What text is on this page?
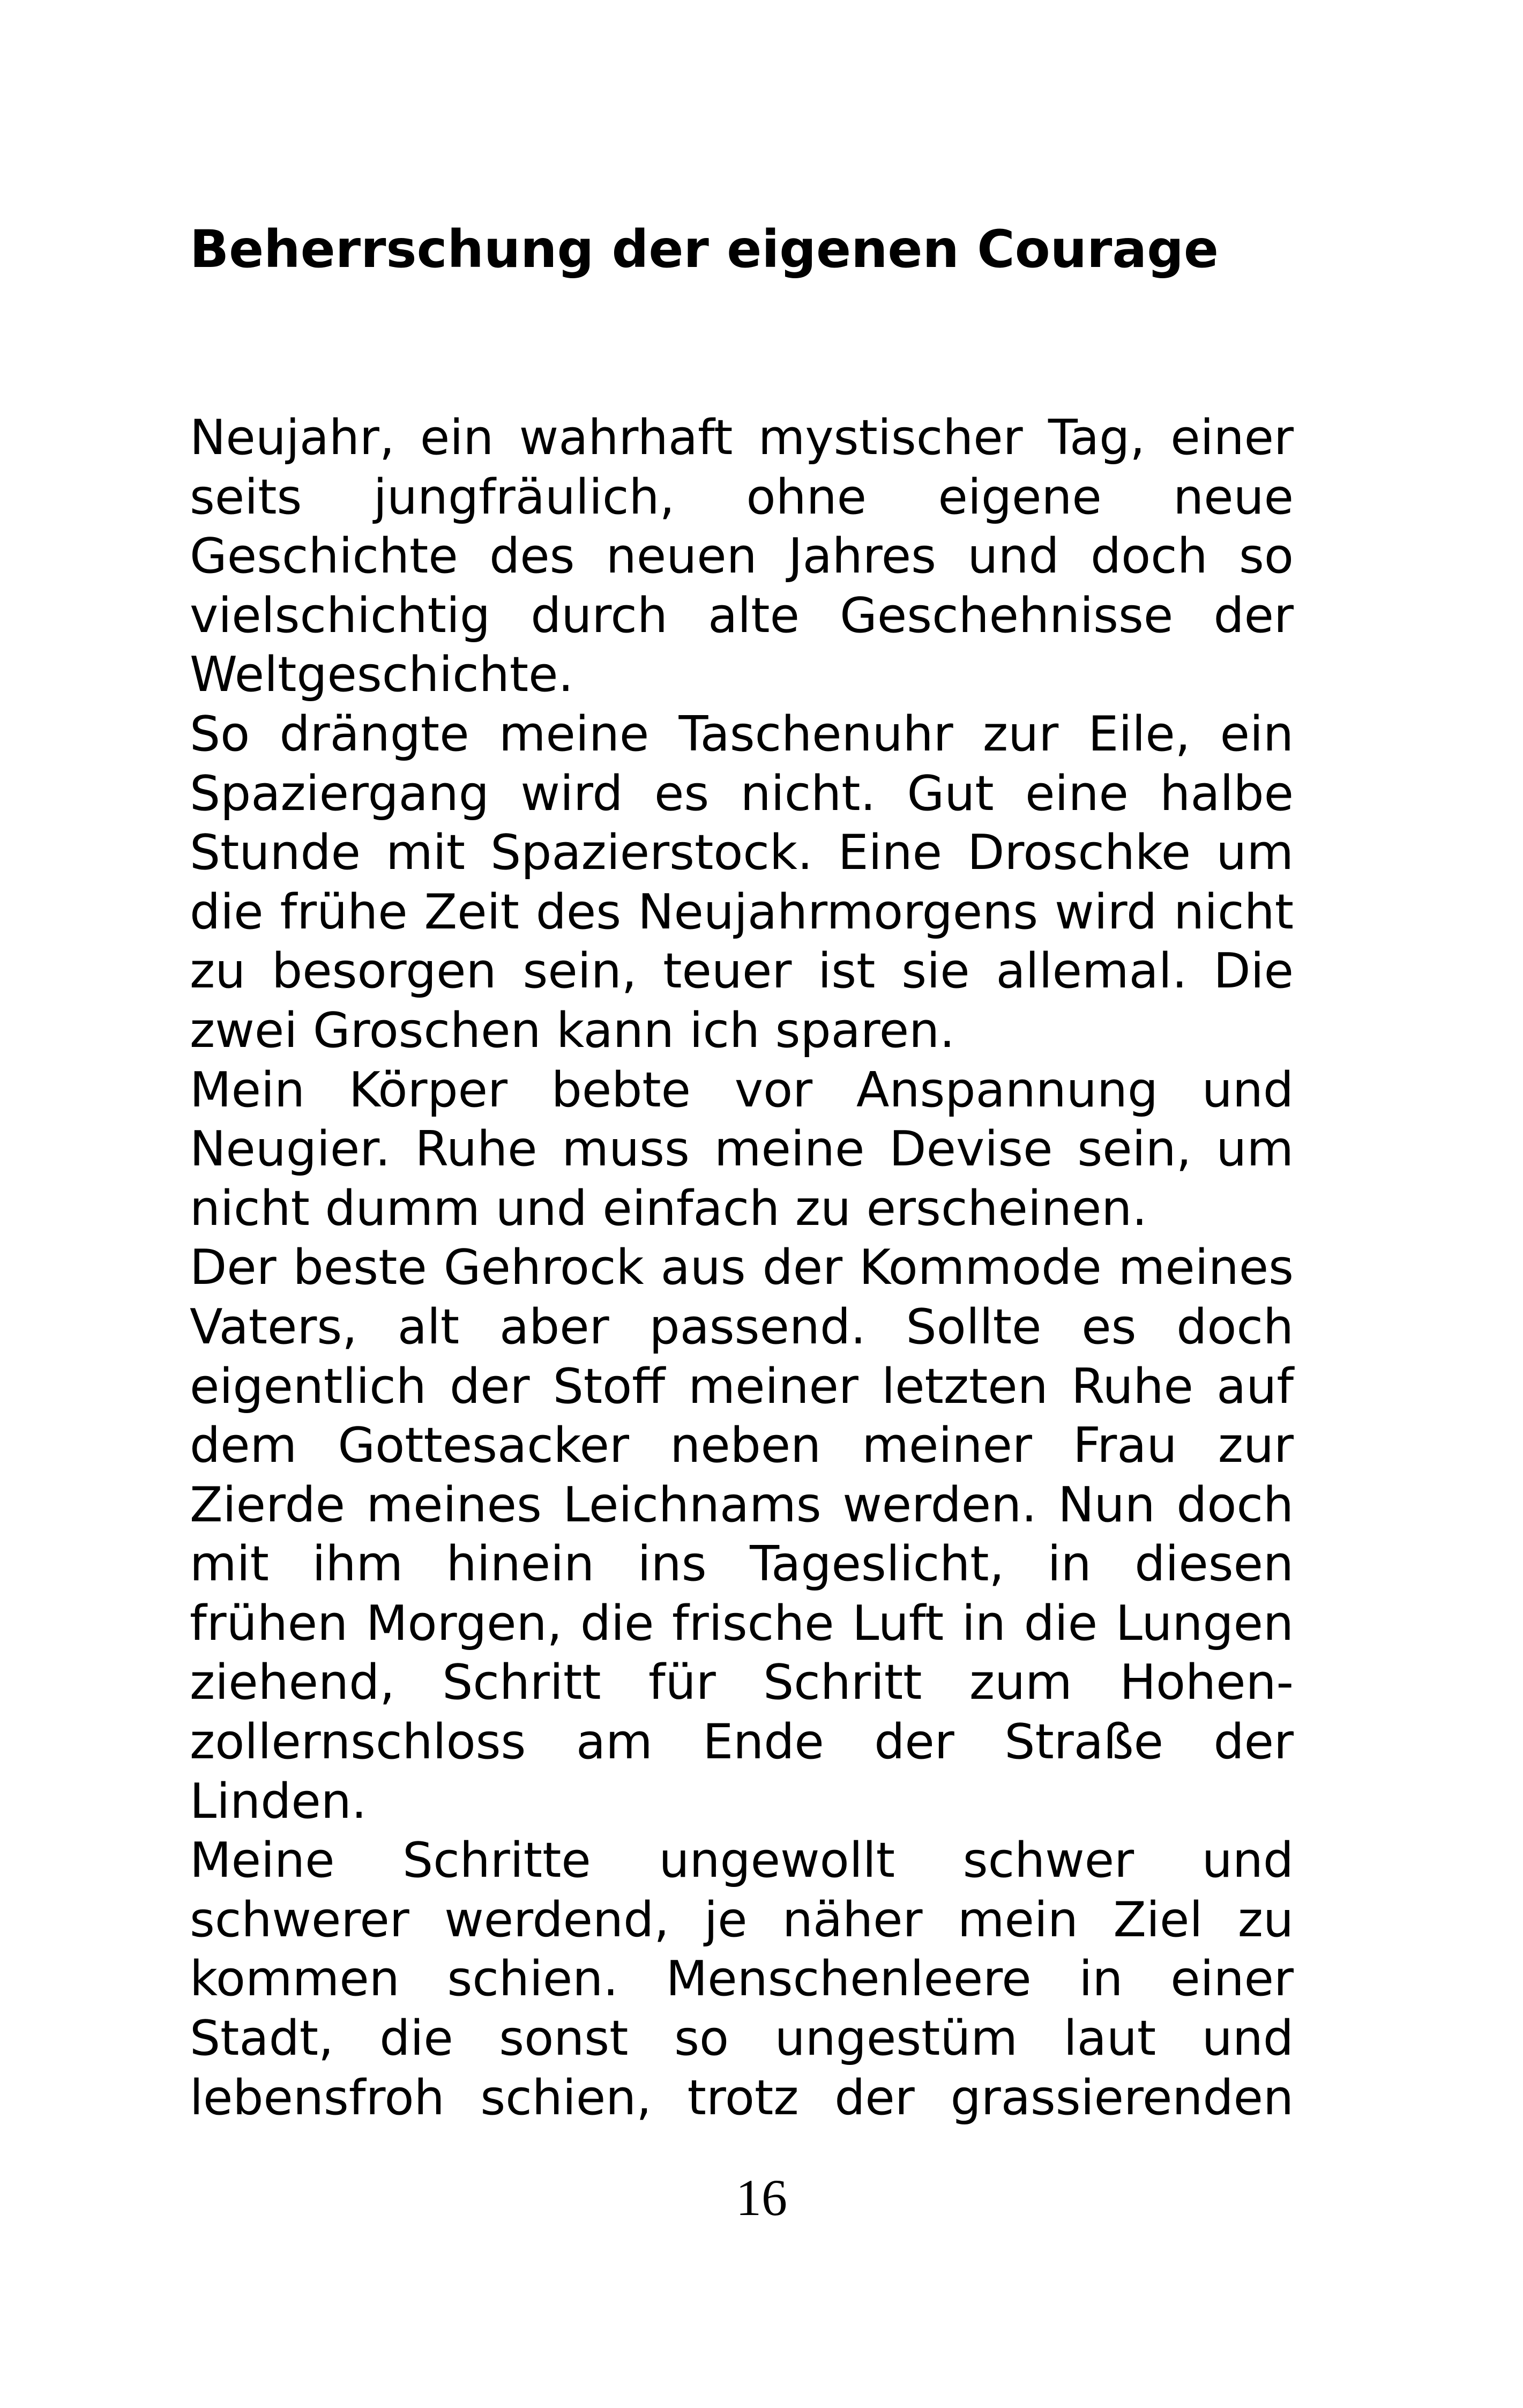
Beherrschung der eigenen Courage

Neujahr, ein wahrhaft mystischer Tag, einer seits jungfräulich, ohne eigene neue Geschichte des neuen Jahres und doch so vielschichtig durch alte Geschehnisse der Weltgeschichte.

So drängte meine Taschenuhr zur Eile, ein Spaziergang wird es nicht. Gut eine halbe Stunde mit Spazierstock. Eine Droschke um die frühe Zeit des Neujahrmorgens wird nicht zu besorgen sein, teuer ist sie allemal. Die zwei Groschen kann ich sparen.

Mein Körper bebte vor Anspannung und Neugier. Ruhe muss meine Devise sein, um nicht dumm und einfach zu erscheinen.

Der beste Gehrock aus der Kommode meines Vaters, alt aber passend. Sollte es doch eigentlich der Stoff meiner letzten Ruhe auf dem Gottesacker neben meiner Frau zur Zierde meines Leichnams werden. Nun doch mit ihm hinein ins Tageslicht, in diesen frühen Morgen, die frische Luft in die Lungen ziehend, Schritt für Schritt zum Hohenzollernschloss am Ende der Straße der Linden.

Meine Schritte ungewollt schwer und schwerer werdend, je näher mein Ziel zu kommen schien. Menschenleere in einer Stadt, die sonst so ungestüm laut und lebensfroh schien, trotz der grassierenden

16
